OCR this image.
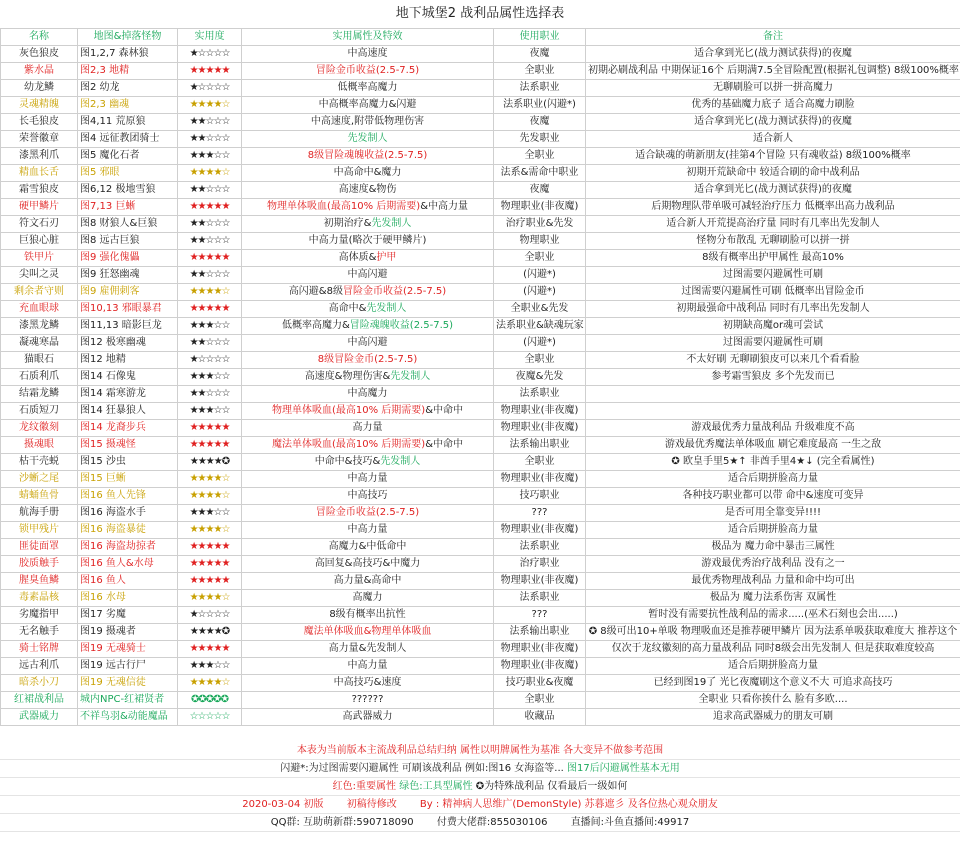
地下城堡2 战利品属性选择表
名称	地图&掉落怪物	实用度	实用属性及特效	使用职业	备注
灰色狼皮	图1,2,7 森林狼	★☆☆☆☆	中高速度	夜魔	适合拿到光匕(战力测试获得)的夜魔
紫水晶	图2,3 地精	★★★★★	冒险金币收益(2.5-7.5)	全职业	初期必刷战利品 中期保证16个 后期满7.5全冒险配置(根据礼包调整) 8级100%概率
幼龙鳞	图2 幼龙	★☆☆☆☆	低概率高魔力	法系职业	无聊刷脸可以拼一拼高魔力
灵魂精魄	图2,3 幽魂	★★★★☆	中高概率高魔力&闪避	法系职业(闪避*)	优秀的基础魔力底子 适合高魔力刷脸
长毛狼皮	图4,11 荒原狼	★★☆☆☆	中高速度,附带低物理伤害	夜魔	适合拿到光匕(战力测试获得)的夜魔
荣誉徽章	图4 远征教团骑士	★★☆☆☆	先发制人	先发职业	适合新人
漆黑利爪	图5 魔化石者	★★★☆☆	8级冒险魂魄收益(2.5-7.5)	全职业	适合缺魂的萌新朋友(挂第4个冒险 只有魂收益) 8级100%概率
精血长舌	图5 邪眼	★★★★☆	中高命中&魔力	法系&需命中职业	初期开荒缺命中 较适合刷的命中战利品
霜雪狼皮	图6,12 极地雪狼	★★☆☆☆	高速度&物伤	夜魔	适合拿到光匕(战力测试获得)的夜魔
硬甲鳞片	图7,13 巨蜥	★★★★★	物理单体吸血(最高10% 后期需要)&中高力量	物理职业(非夜魔)	后期物理队带单吸可减轻治疗压力 低概率出高力战利品
符文石刃	图8 财狼人&巨狼	★★☆☆☆	初期治疗&先发制人	治疗职业&先发	适合新人开荒提高治疗量 同时有几率出先发制人
巨狼心脏	图8 远古巨狼	★★☆☆☆	中高力量(略次于硬甲鳞片)	物理职业	怪物分布散乱 无聊刷脸可以拼一拼
铁甲片	图9 强化傀儡	★★★★★	高体质&护甲	全职业	8级有概率出护甲属性 最高10%
尖叫之灵	图9 狂怒幽魂	★★☆☆☆	中高闪避	(闪避*)	过图需要闪避属性可刷
剩余者守则	图9 雇佣刺客	★★★★☆	高闪避&8级冒险金币收益(2.5-7.5)	(闪避*)	过图需要闪避属性可刷 低概率出冒险金币
充血眼球	图10,13 邪眼暴君	★★★★★	高命中&先发制人	全职业&先发	初期最强命中战利品 同时有几率出先发制人
漆黑龙鳞	图11,13 暗影巨龙	★★★☆☆	低概率高魔力&冒险魂魄收益(2.5-7.5)	法系职业&缺魂玩家	初期缺高魔or魂可尝试
凝魂寒晶	图12 极寒幽魂	★★☆☆☆	中高闪避	(闪避*)	过图需要闪避属性可刷
猫眼石	图12 地精	★☆☆☆☆	8级冒险金币(2.5-7.5)	全职业	不太好刷 无聊刷狼皮可以来几个看看脸
石质利爪	图14 石像鬼	★★★☆☆	高速度&物理伤害&先发制人	夜魔&先发	参考霜雪狼皮 多个先发而已
结霜龙鳞	图14 霜寒游龙	★★☆☆☆	中高魔力	法系职业	
石质短刀	图14 狂暴狼人	★★★☆☆	物理单体吸血(最高10% 后期需要)&中命中	物理职业(非夜魔)	
龙纹徽刻	图14 龙裔步兵	★★★★★	高力量	物理职业(非夜魔)	游戏最优秀力量战利品 升级难度不高
摄魂眼	图15 摄魂怪	★★★★★	魔法单体吸血(最高10% 后期需要)&中命中	法系输出职业	游戏最优秀魔法单体吸血 刷它难度最高 一生之敌
枯干壳蜕	图15 沙虫	★★★★✪	中命中&技巧&先发制人	全职业	✪ 欧皇手里5★↑ 非酋手里4★↓ (完全看属性)
沙蜥之尾	图15 巨蜥	★★★★☆	中高力量	物理职业(非夜魔)	适合后期拼脸高力量
蜻蛹鱼骨	图16 鱼人先锋	★★★★☆	中高技巧	技巧职业	各种技巧职业都可以带 命中&速度可变异
航海手册	图16 海盗水手	★★★☆☆	冒险金币收益(2.5-7.5)	???	是否可用全靠变异!!!!
锁甲残片	图16 海盗暴徒	★★★★☆	中高力量	物理职业(非夜魔)	适合后期拼脸高力量
匪徒面罩	图16 海盗劫掠者	★★★★★	高魔力&中低命中	法系职业	极品为 魔力命中暴击三属性
胶质触手	图16 鱼人&水母	★★★★★	高回复&高技巧&中魔力	治疗职业	游戏最优秀治疗战利品 没有之一
腥臭鱼鳞	图16 鱼人	★★★★★	高力量&高命中	物理职业(非夜魔)	最优秀物理战利品 力量和命中均可出
毒素晶核	图16 水母	★★★★☆	高魔力	法系职业	极品为 魔力法系伤害 双属性
劣魔指甲	图17 劣魔	★☆☆☆☆	8级有概率出抗性	???	暂时没有需要抗性战利品的需求.....(巫术石刻也会出.....)
无名触手	图19 摄魂者	★★★★✪	魔法单体吸血&物理单体吸血	法系输出职业	✪ 8级可出10+单吸 物理吸血还是推荐硬甲鳞片 因为法系单吸获取难度大 推荐这个
骑士铭牌	图19 无魂骑士	★★★★★	高力量&先发制人	物理职业(非夜魔)	仅次于龙纹徽刻的高力量战利品 同时8级会出先发制人 但是获取难度较高
远古利爪	图19 远古行尸	★★★☆☆	中高力量	物理职业(非夜魔)	适合后期拼脸高力量
暗杀小刀	图19 无魂信徒	★★★★☆	中高技巧&速度	技巧职业&夜魔	已经到图19了 光匕夜魔刷这个意义不大 可追求高技巧
红裙战利品	城内NPC-红裙贤者	✪✪✪✪✪	??????	全职业	全职业 只看你挨什么 脸有多欧....
武器威力	不祥鸟羽&动能魔晶	☆☆☆☆☆	高武器威力	收藏品	追求高武器威力的朋友可刷
本表为当前版本主流战利品总结归纳 属性以明牌属性为基准 各大变异不做参考范围
闪避*:为过图需要闪避属性 可刷该战利品 例如:图16 女海盗等... 图17后闪避属性基本无用
红色:重要属性 绿色:工具型属性 ✪为特殊战利品 仅看最后一级如何
2020-03-04 初版 初稿待修改 By : 精神病人思维广(DemonStyle) 苏暮遮彡 及各位热心观众朋友
QQ群: 互助萌新群:590718090 付费大佬群:855030106 直播间:斗鱼直播间:49917
